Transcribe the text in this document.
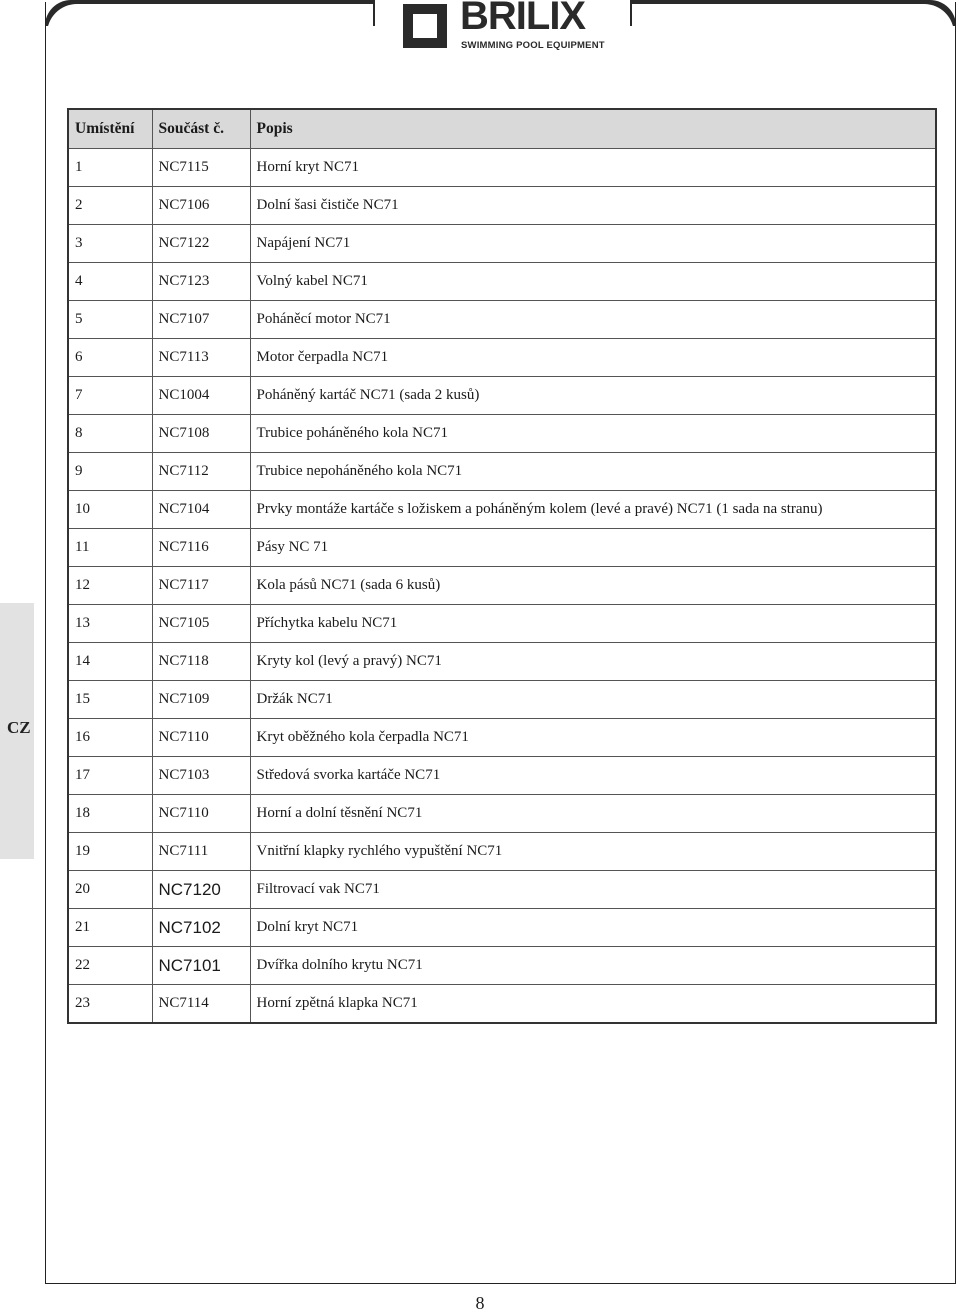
BRILIX
SWIMMING POOL EQUIPMENT
Umístění	Součást č.	Popis
1	NC7115	Horní kryt NC71
2	NC7106	Dolní šasi čističe NC71
3	NC7122	Napájení NC71
4	NC7123	Volný kabel NC71
5	NC7107	Poháněcí motor NC71
6	NC7113	Motor čerpadla NC71
7	NC1004	Poháněný kartáč NC71 (sada 2 kusů)
8	NC7108	Trubice poháněného kola NC71
9	NC7112	Trubice nepoháněného kola NC71
10	NC7104	Prvky montáže kartáče s ložiskem a poháněným kolem (levé a pravé) NC71 (1 sada na stranu)
11	NC7116	Pásy NC 71
12	NC7117	Kola pásů NC71 (sada 6 kusů)
13	NC7105	Příchytka kabelu NC71
14	NC7118	Kryty kol (levý a pravý) NC71
15	NC7109	Držák NC71
16	NC7110	Kryt oběžného kola čerpadla NC71
17	NC7103	Středová svorka kartáče NC71
18	NC7110	Horní a dolní těsnění NC71
19	NC7111	Vnitřní klapky rychlého vypuštění NC71
20	NC7120	Filtrovací vak NC71
21	NC7102	Dolní kryt NC71
22	NC7101	Dvířka dolního krytu NC71
23	NC7114	Horní zpětná klapka NC71
CZ
8
